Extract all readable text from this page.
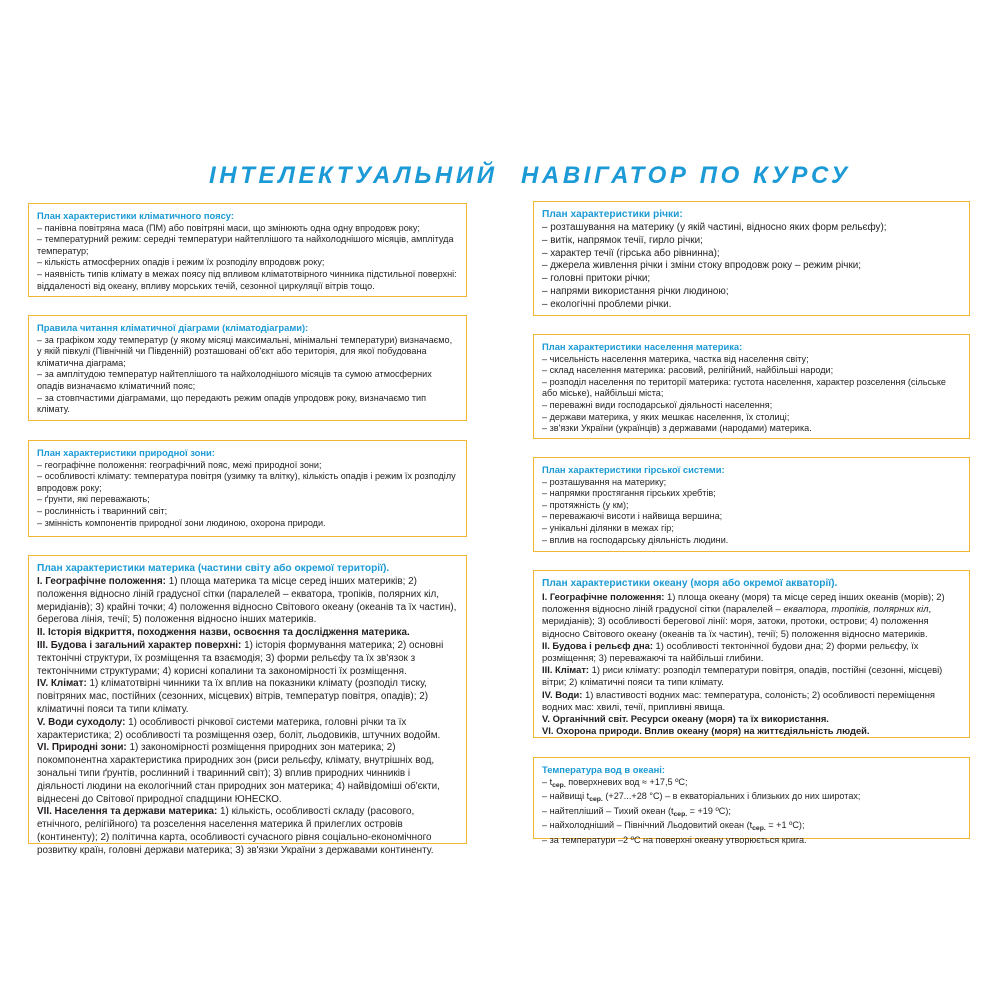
ІНТЕЛЕКТУАЛЬНИЙ НАВІГАТОР ПО КУРСУ
План характеристики кліматичного поясу:
– панівна повітряна маса (ПМ) або повітряні маси, що змінюють одна одну впродовж року;
– температурний режим: середні температури найтеплішого та найхолоднішого місяців, амплітуда температур;
– кількість атмосферних опадів і режим їх розподілу впродовж року;
– наявність типів клімату в межах поясу під впливом кліматотвірного чинника підстильної поверхні: віддаленості від океану, впливу морських течій, сезонної циркуляції вітрів тощо.
Правила читання кліматичної діаграми (кліматодіаграми):
– за графіком ходу температур (у якому місяці максимальні, мінімальні температури) визначаємо, у якій півкулі (Північній чи Південній) розташовані об'єкт або територія, для якої побудована кліматична діаграма;
– за амплітудою температур найтеплішого та найхолоднішого місяців та сумою атмосферних опадів визначаємо кліматичний пояс;
– за стовпчастими діаграмами, що передають режим опадів упродовж року, визначаємо тип клімату.
План характеристики природної зони:
– географічне положення: географічний пояс, межі природної зони;
– особливості клімату: температура повітря (узимку та влітку), кількість опадів і режим їх розподілу впродовж року;
– ґрунти, які переважають;
– рослинність і тваринний світ;
– змінність компонентів природної зони людиною, охорона природи.
План характеристики материка (частини світу або окремої території).

І. Географічне положення: 1) площа материка та місце серед інших материків; 2) положення відносно ліній градусної сітки (паралелей – екватора, тропіків, полярних кіл, меридіанів); 3) крайні точки; 4) положення відносно Світового океану (океанів та їх частин), берегова лінія, течії; 5) положення відносно інших материків.

ІІ. Історія відкриття, походження назви, освоєння та дослідження материка.

ІІІ. Будова і загальний характер поверхні: 1) історія формування материка; 2) основні тектонічні структури, їх розміщення та взаємодія; 3) форми рельєфу та їх зв'язок з тектонічними структурами; 4) корисні копалини та закономірності їх розміщення.

IV. Клімат: 1) кліматотвірні чинники та їх вплив на показники клімату (розподіл тиску, повітряних мас, постійних (сезонних, місцевих) вітрів, температур повітря, опадів); 2) кліматичні пояси та типи клімату.

V. Води суходолу: 1) особливості річкової системи материка, головні річки та їх характеристика; 2) особливості та розміщення озер, боліт, льодовиків, штучних водойм.

VI. Природні зони: 1) закономірності розміщення природних зон материка; 2) покомпонентна характеристика природних зон (риси рельєфу, клімату, внутрішніх вод, зональні типи ґрунтів, рослинний і тваринний світ); 3) вплив природних чинників і діяльності людини на екологічний стан природних зон материка; 4) найвідоміші об'єкти, віднесені до Світової природної спадщини ЮНЕСКО.

VII. Населення та держави материка: 1) кількість, особливості складу (расового, етнічного, релігійного) та розселення населення материка й прилеглих островів (континенту); 2) політична карта, особливості сучасного рівня соціально-економічного розвитку країн, головні держави материка; 3) зв'язки України з державами континенту.

План характеристики річки:
– розташування на материку (у якій частині, відносно яких форм рельєфу);
– витік, напрямок течії, гирло річки;
– характер течії (гірська або рівнинна);
– джерела живлення річки і зміни стоку впродовж року – режим річки;
– головні притоки річки;
– напрями використання річки людиною;
– екологічні проблеми річки.
План характеристики населення материка:
– чисельність населення материка, частка від населення світу;
– склад населення материка: расовий, релігійний, найбільші народи;
– розподіл населення по території материка: густота населення, характер розселення (сільське або міське), найбільші міста;
– переважні види господарської діяльності населення;
– держави материка, у яких мешкає населення, їх столиці;
– зв'язки України (українців) з державами (народами) материка.
План характеристики гірської системи:
– розташування на материку;
– напрямки простягання гірських хребтів;
– протяжність (у км);
– переважаючі висоти і найвища вершина;
– унікальні ділянки в межах гір;
– вплив на господарську діяльність людини.
План характеристики океану (моря або окремої акваторії).

І. Географічне положення: 1) площа океану (моря) та місце серед інших океанів (морів); 2) положення відносно ліній градусної сітки (паралелей – екватора, тропіків, полярних кіл, меридіанів); 3) особливості берегової лінії: моря, затоки, протоки, острови; 4) положення відносно Світового океану (океанів та їх частин), течії; 5) положення відносно материків.

ІІ. Будова і рельєф дна: 1) особливості тектонічної будови дна; 2) форми рельєфу, їх розміщення; 3) переважаючі та найбільші глибини.

ІІІ. Клімат: 1) риси клімату: розподіл температури повітря, опадів, постійні (сезонні, місцеві) вітри; 2) кліматичні пояси та типи клімату.

IV. Води: 1) властивості водних мас: температура, солоність; 2) особливості переміщення водних мас: хвилі, течії, припливні явища.

V. Органічний світ. Ресурси океану (моря) та їх використання.

VI. Охорона природи. Вплив океану (моря) на життєдіяльність людей.

Температура вод в океані:
– $t_{сер.}$ поверхневих вод ≈ +17,5 ºС;
– найвищі $t_{сер.}$ (+27...+28 °С) – в екваторіальних і близьких до них широтах;
– найтепліший – Тихий океан ($t_{сер.} = +19$ ºС);
– найхолодніший – Північний Льодовитий океан ($t_{сер.} = +1$ ºС);
– за температури –2 ºС на поверхні океану утворюється крига.
